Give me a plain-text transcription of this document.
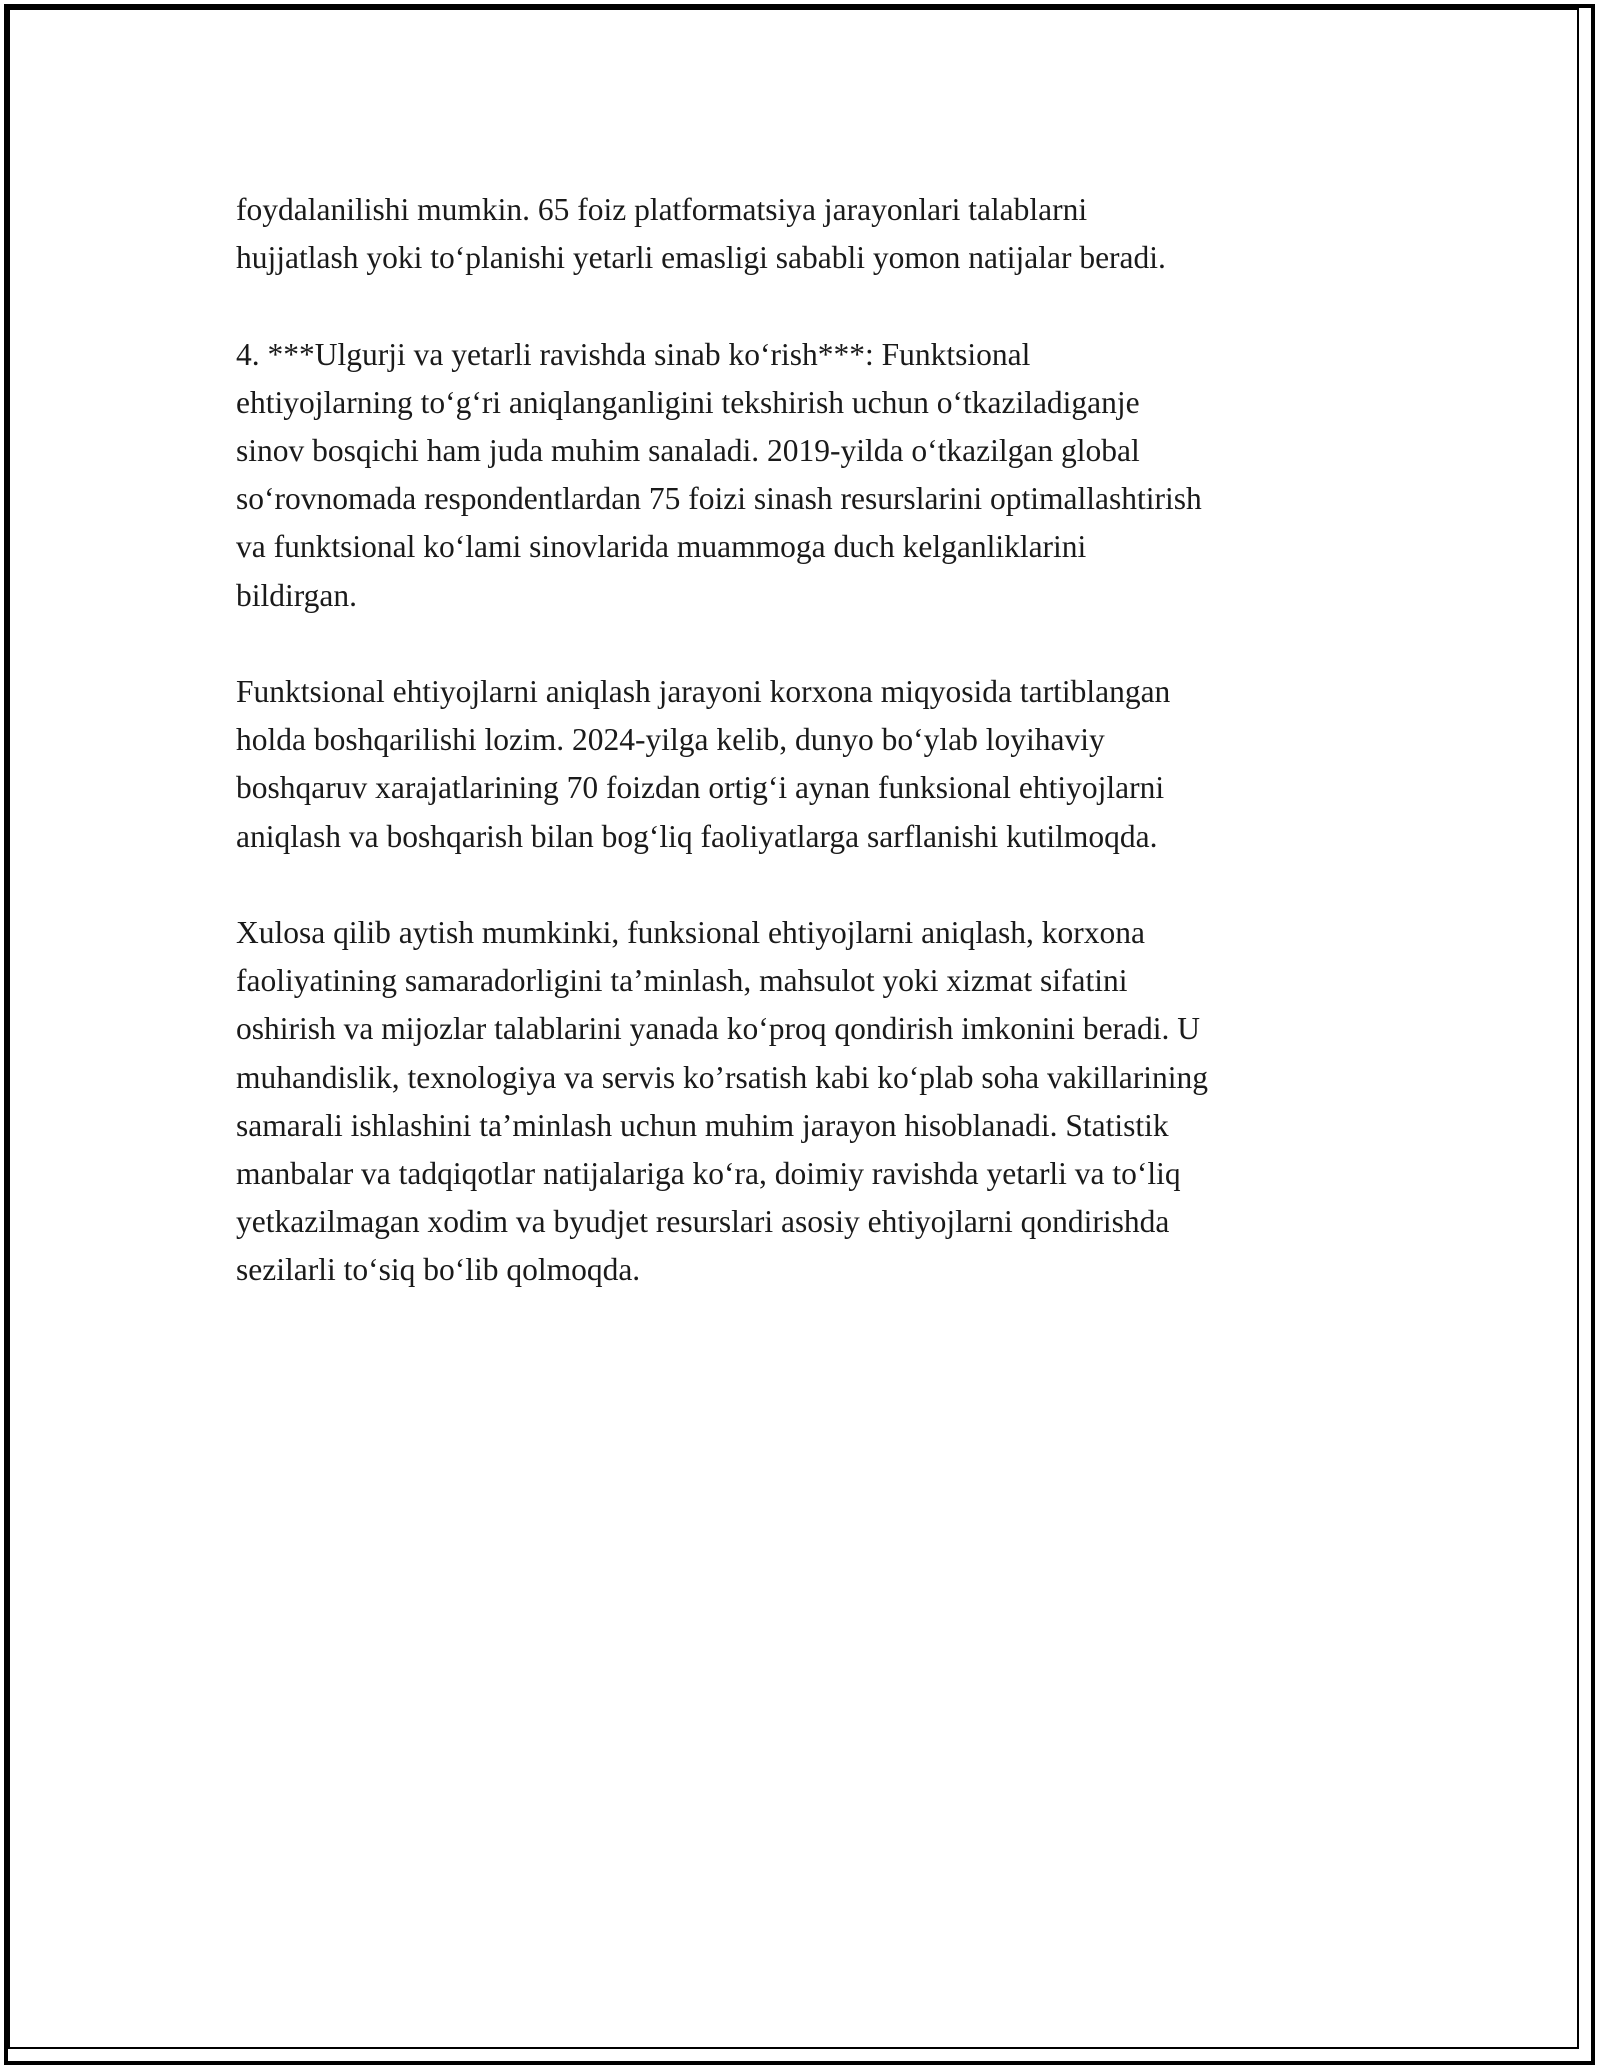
foydalanilishi mumkin. 65 foiz platformatsiya jarayonlari talablarni
hujjatlash yoki to‘planishi yetarli emasligi sababli yomon natijalar beradi.

4. ***Ulgurji va yetarli ravishda sinab ko‘rish***: Funktsional
ehtiyojlarning to‘g‘ri aniqlanganligini tekshirish uchun o‘tkaziladiganje
sinov bosqichi ham juda muhim sanaladi. 2019-yilda o‘tkazilgan global
so‘rovnomada respondentlardan 75 foizi sinash resurslarini optimallashtirish
va funktsional ko‘lami sinovlarida muammoga duch kelganliklarini
bildirgan.

Funktsional ehtiyojlarni aniqlash jarayoni korxona miqyosida tartiblangan
holda boshqarilishi lozim. 2024-yilga kelib, dunyo bo‘ylab loyihaviy
boshqaruv xarajatlarining 70 foizdan ortig‘i aynan funksional ehtiyojlarni
aniqlash va boshqarish bilan bog‘liq faoliyatlarga sarflanishi kutilmoqda.

Xulosa qilib aytish mumkinki, funksional ehtiyojlarni aniqlash, korxona
faoliyatining samaradorligini ta’minlash, mahsulot yoki xizmat sifatini
oshirish va mijozlar talablarini yanada ko‘proq qondirish imkonini beradi. U
muhandislik, texnologiya va servis ko’rsatish kabi ko‘plab soha vakillarining
samarali ishlashini ta’minlash uchun muhim jarayon hisoblanadi. Statistik
manbalar va tadqiqotlar natijalariga ko‘ra, doimiy ravishda yetarli va to‘liq
yetkazilmagan xodim va byudjet resurslari asosiy ehtiyojlarni qondirishda
sezilarli to‘siq bo‘lib qolmoqda.
